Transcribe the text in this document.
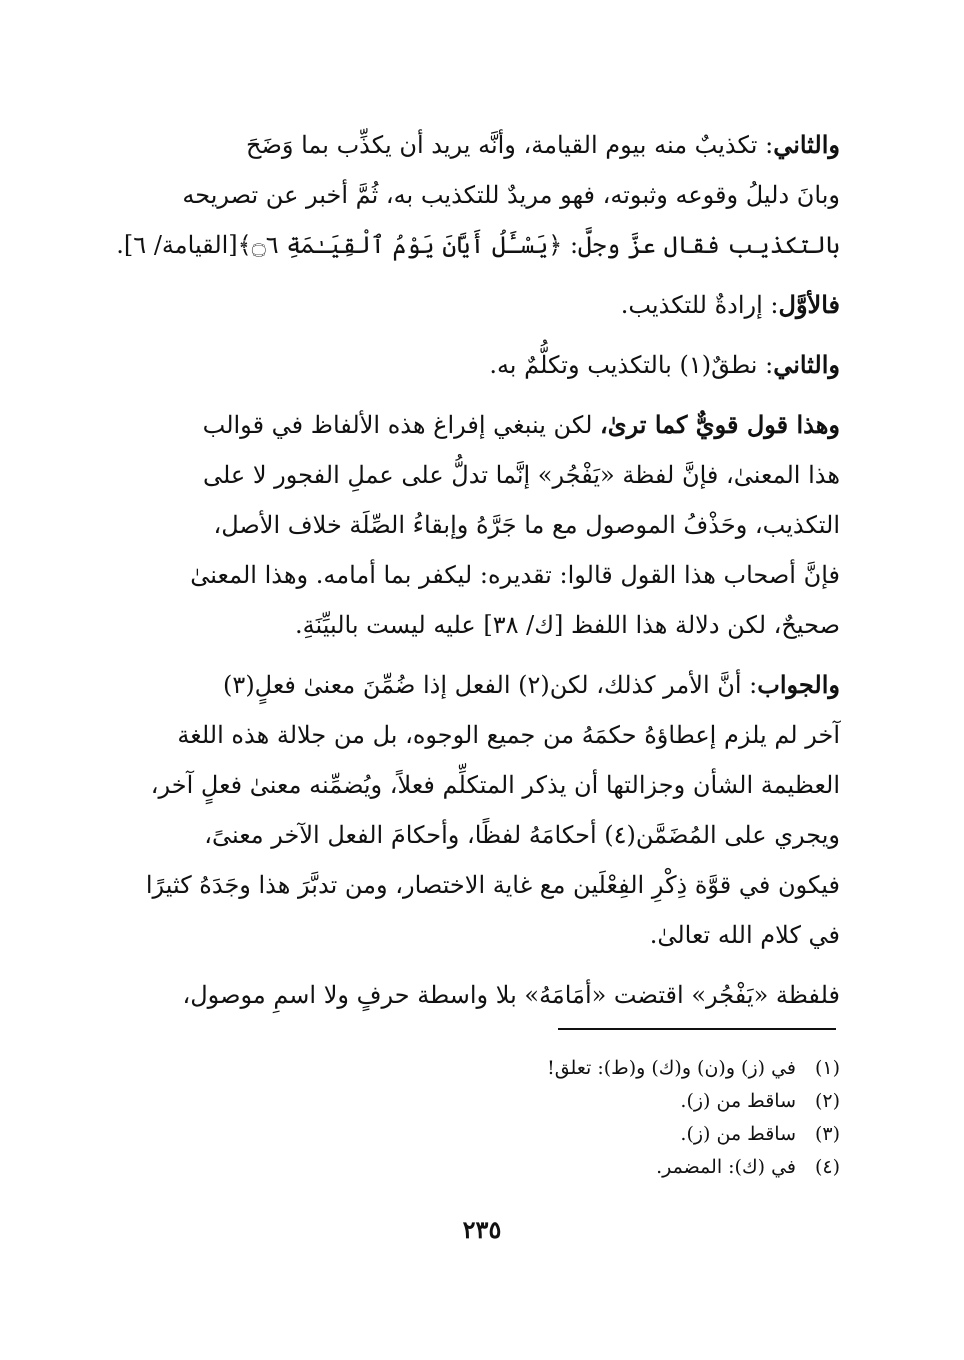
والثاني: تكذيبٌ منه بيوم القيامة، وأنَّه يريد أن يكذِّب بما وَضَحَ
وبانَ دليلُ وقوعه وثبوته، فهو مريدٌ للتكذيب به، ثُمَّ أخبر عن تصريحه
بالتكذيب فقال عزَّ وجلَّ: ﴿يَسْـَٔلُ أَيَّانَ يَوْمُ ٱلْقِيَـٰمَةِ ۝٦﴾[القيامة/ ٦].
فالأوَّل: إرادةٌ للتكذيب.
والثاني: نطقٌ(١) بالتكذيب وتكلُّمٌ به.
وهذا قول قويٌّ كما ترىٰ، لكن ينبغي إفراغ هذه الألفاظ في قوالب
هذا المعنىٰ، فإنَّ لفظة «يَفْجُر» إنَّما تدلُّ على عملِ الفجور لا على
التكذيب، وحَذْفُ الموصول مع ما جَرَّهُ وإبقاءُ الصِّلَة خلاف الأصل،
فإنَّ أصحاب هذا القول قالوا: تقديره: ليكفر بما أمامه. وهذا المعنىٰ
صحيحٌ، لكن دلالة هذا اللفظ [ك/ ٣٨] عليه ليست بالبيِّنَةِ.
والجواب: أنَّ الأمر كذلك، لكن(٢) الفعل إذا ضُمِّنَ معنىٰ فعلٍ(٣)
آخر لم يلزم إعطاؤهُ حكمَهُ من جميع الوجوه، بل من جلالة هذه اللغة
العظيمة الشأن وجزالتها أن يذكر المتكلِّم فعلاً، ويُضمِّنه معنىٰ فعلٍ آخر،
ويجري على المُضَمَّن(٤) أحكامَهُ لفظًا، وأحكامَ الفعل الآخر معنىً،
فيكون في قوَّة ذِكْرِ الفِعْلَين مع غاية الاختصار، ومن تدبَّرَ هذا وجَدَهُ كثيرًا
في كلام الله تعالىٰ.
فلفظة «يَفْجُر» اقتضت «أمَامَهُ» بلا واسطة حرفٍ ولا اسمِ موصول،
(١)في (ز) و(ن) و(ك) و(ط): تعلق!
(٢)ساقط من (ز).
(٣)ساقط من (ز).
(٤)في (ك): المضمر.
٢٣٥
